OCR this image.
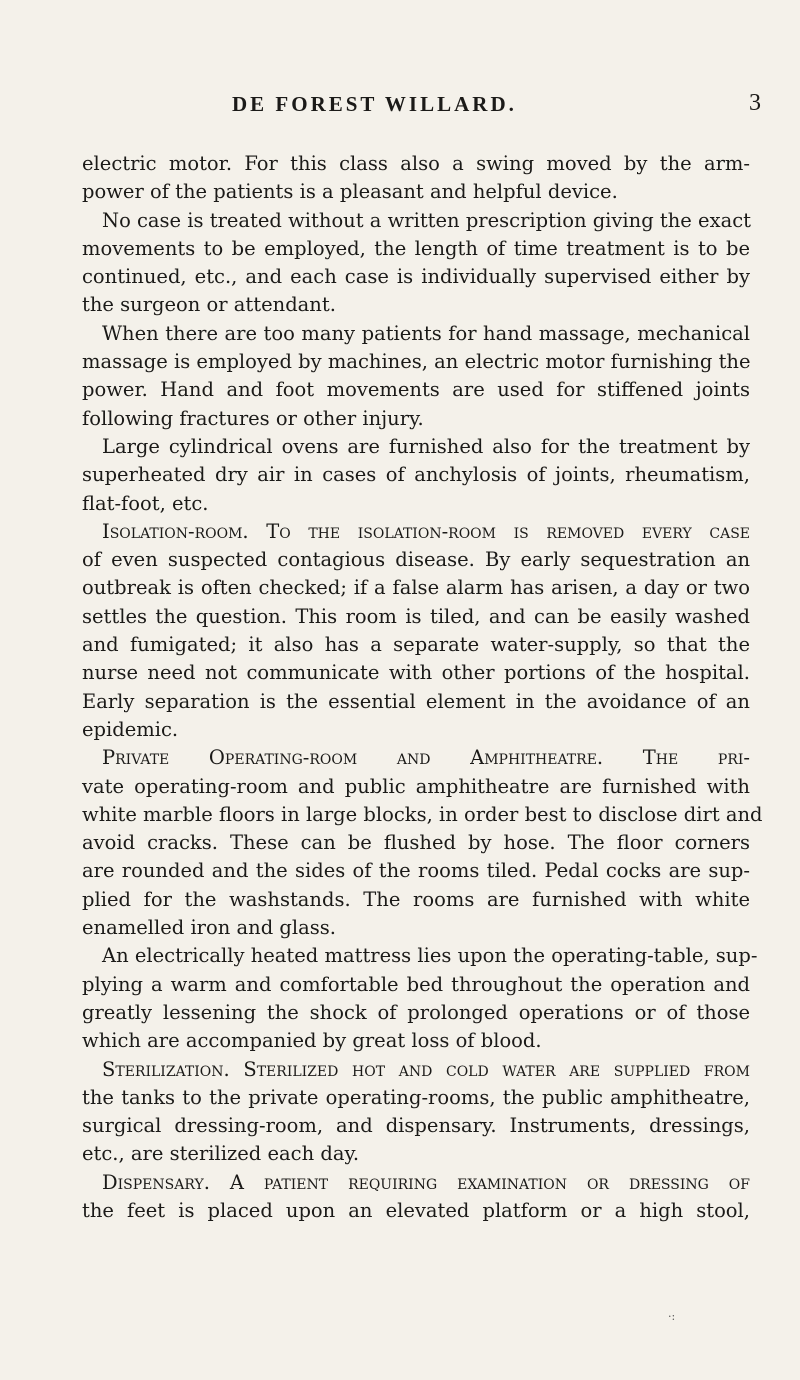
DE FOREST WILLARD.	3
electric motor. For this class also a swing moved by the arm-
power of the patients is a pleasant and helpful device.
No case is treated without a written prescription giving the exact
movements to be employed, the length of time treatment is to be
continued, etc., and each case is individually supervised either by
the surgeon or attendant.
When there are too many patients for hand massage, mechanical
massage is employed by machines, an electric motor furnishing the
power. Hand and foot movements are used for stiffened joints
following fractures or other injury.
Large cylindrical ovens are furnished also for the treatment by
superheated dry air in cases of anchylosis of joints, rheumatism,
flat-foot, etc.
Isolation-room. To the isolation-room is removed every case
of even suspected contagious disease. By early sequestration an
outbreak is often checked; if a false alarm has arisen, a day or two
settles the question. This room is tiled, and can be easily washed
and fumigated; it also has a separate water-supply, so that the
nurse need not communicate with other portions of the hospital.
Early separation is the essential element in the avoidance of an
epidemic.
Private Operating-room and Amphitheatre. The pri-
vate operating-room and public amphitheatre are furnished with
white marble floors in large blocks, in order best to disclose dirt and
avoid cracks. These can be flushed by hose. The floor corners
are rounded and the sides of the rooms tiled. Pedal cocks are sup-
plied for the washstands. The rooms are furnished with white
enamelled iron and glass.
An electrically heated mattress lies upon the operating-table, sup-
plying a warm and comfortable bed throughout the operation and
greatly lessening the shock of prolonged operations or of those
which are accompanied by great loss of blood.
Sterilization. Sterilized hot and cold water are supplied from
the tanks to the private operating-rooms, the public amphitheatre,
surgical dressing-room, and dispensary. Instruments, dressings,
etc., are sterilized each day.
Dispensary. A patient requiring examination or dressing of
the feet is placed upon an elevated platform or a high stool,
·:
